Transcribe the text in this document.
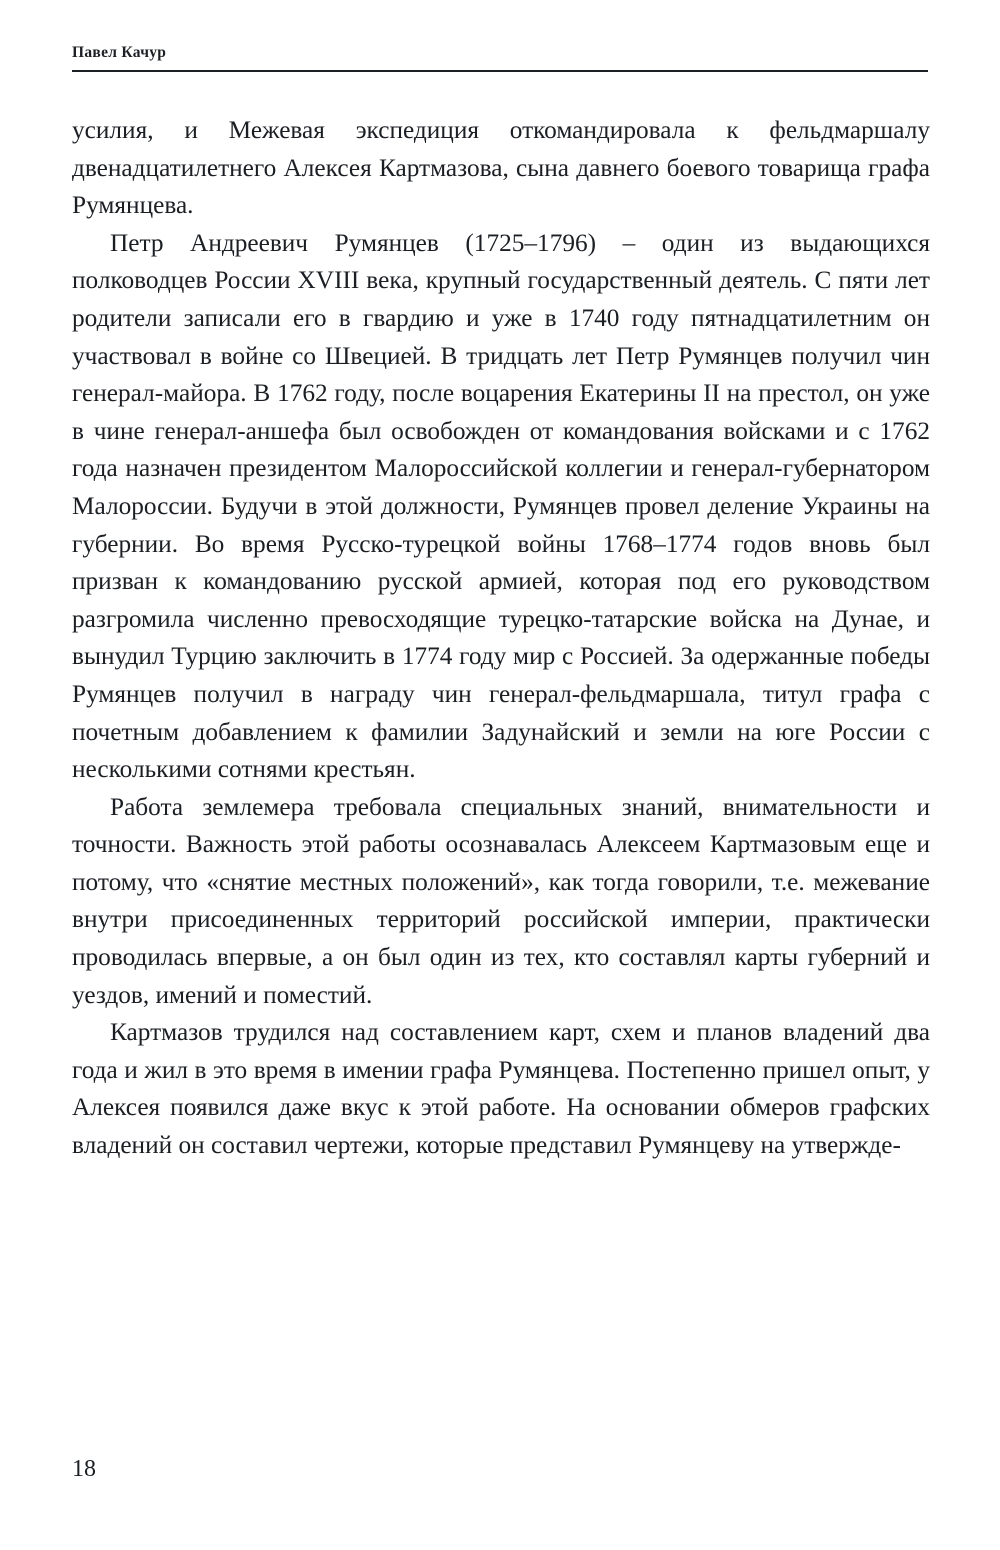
Павел Качур

усилия, и Межевая экспедиция откомандировала к фельдмаршалу двенадцатилетнего Алексея Картмазова, сына давнего боевого товарища графа Румянцева.

Петр Андреевич Румянцев (1725–1796) – один из выдающихся полководцев России XVIII века, крупный государственный деятель. С пяти лет родители записали его в гвардию и уже в 1740 году пятнадцатилетним он участвовал в войне со Швецией. В тридцать лет Петр Румянцев получил чин генерал-майора. В 1762 году, после воцарения Екатерины II на престол, он уже в чине генерал-аншефа был освобожден от командования войсками и с 1762 года назначен президентом Малороссийской коллегии и генерал-губернатором Малороссии. Будучи в этой должности, Румянцев провел деление Украины на губернии. Во время Русско-турецкой войны 1768–1774 годов вновь был призван к командованию русской армией, которая под его руководством разгромила численно превосходящие турецко-татарские войска на Дунае, и вынудил Турцию заключить в 1774 году мир с Россией. За одержанные победы Румянцев получил в награду чин генерал-фельдмаршала, титул графа с почетным добавлением к фамилии Задунайский и земли на юге России с несколькими сотнями крестьян.

Работа землемера требовала специальных знаний, внимательности и точности. Важность этой работы осознавалась Алексеем Картмазовым еще и потому, что «снятие местных положений», как тогда говорили, т.е. межевание внутри присоединенных территорий российской империи, практически проводилась впервые, а он был один из тех, кто составлял карты губерний и уездов, имений и поместий.

Картмазов трудился над составлением карт, схем и планов владений два года и жил в это время в имении графа Румянцева. Постепенно пришел опыт, у Алексея появился даже вкус к этой работе. На основании обмеров графских владений он составил чертежи, которые представил Румянцеву на утвержде-

18
